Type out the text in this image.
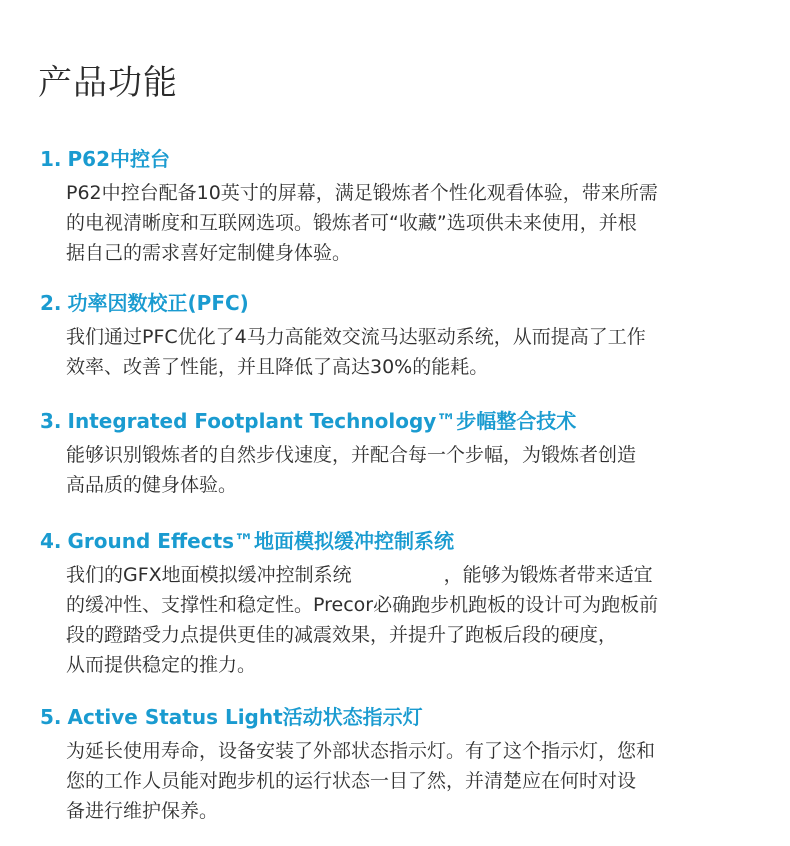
产品功能
1. P62中控台
P62中控台配备10英寸的屏幕，满足锻炼者个性化观看体验，带来所需
的电视清晰度和互联网选项。锻炼者可“收藏”选项供未来使用，并根
据自己的需求喜好定制健身体验。
2. 功率因数校正(PFC)
我们通过PFC优化了4马力高能效交流马达驱动系统，从而提高了工作
效率、改善了性能，并且降低了高达30%的能耗。
3. Integrated Footplant Technology™步幅整合技术
能够识别锻炼者的自然步伐速度，并配合每一个步幅，为锻炼者创造
高品质的健身体验。
4. Ground Effects™地面模拟缓冲控制系统
我们的GFX地面模拟缓冲控制系统	，能够为锻炼者带来适宜
的缓冲性、支撑性和稳定性。Precor必确跑步机跑板的设计可为跑板前
段的蹬踏受力点提供更佳的减震效果，并提升了跑板后段的硬度，
从而提供稳定的推力。
5. Active Status Light活动状态指示灯
为延长使用寿命，设备安装了外部状态指示灯。有了这个指示灯，您和
您的工作人员能对跑步机的运行状态一目了然，并清楚应在何时对设
备进行维护保养。
